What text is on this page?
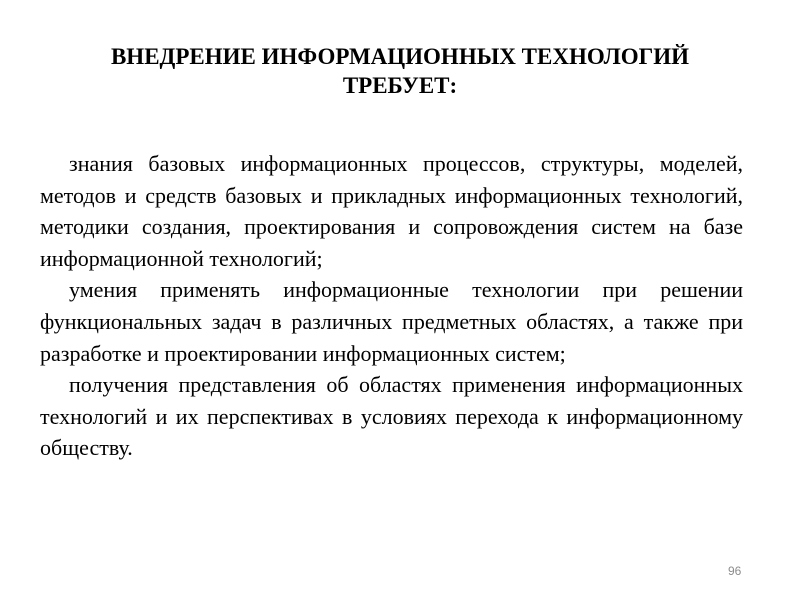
ВНЕДРЕНИЕ ИНФОРМАЦИОННЫХ ТЕХНОЛОГИЙ
ТРЕБУЕТ:

знания базовых информационных процессов, структуры, моделей, методов и средств базовых и прикладных информационных технологий, методики создания, проектирования и сопровождения систем на базе информационной технологий;

умения применять информационные технологии при решении функциональных задач в различных предметных областях, а также при разработке и проектировании информационных систем;

получения представления об областях применения информационных технологий и их перспективах в условиях перехода к информационному обществу.

96
